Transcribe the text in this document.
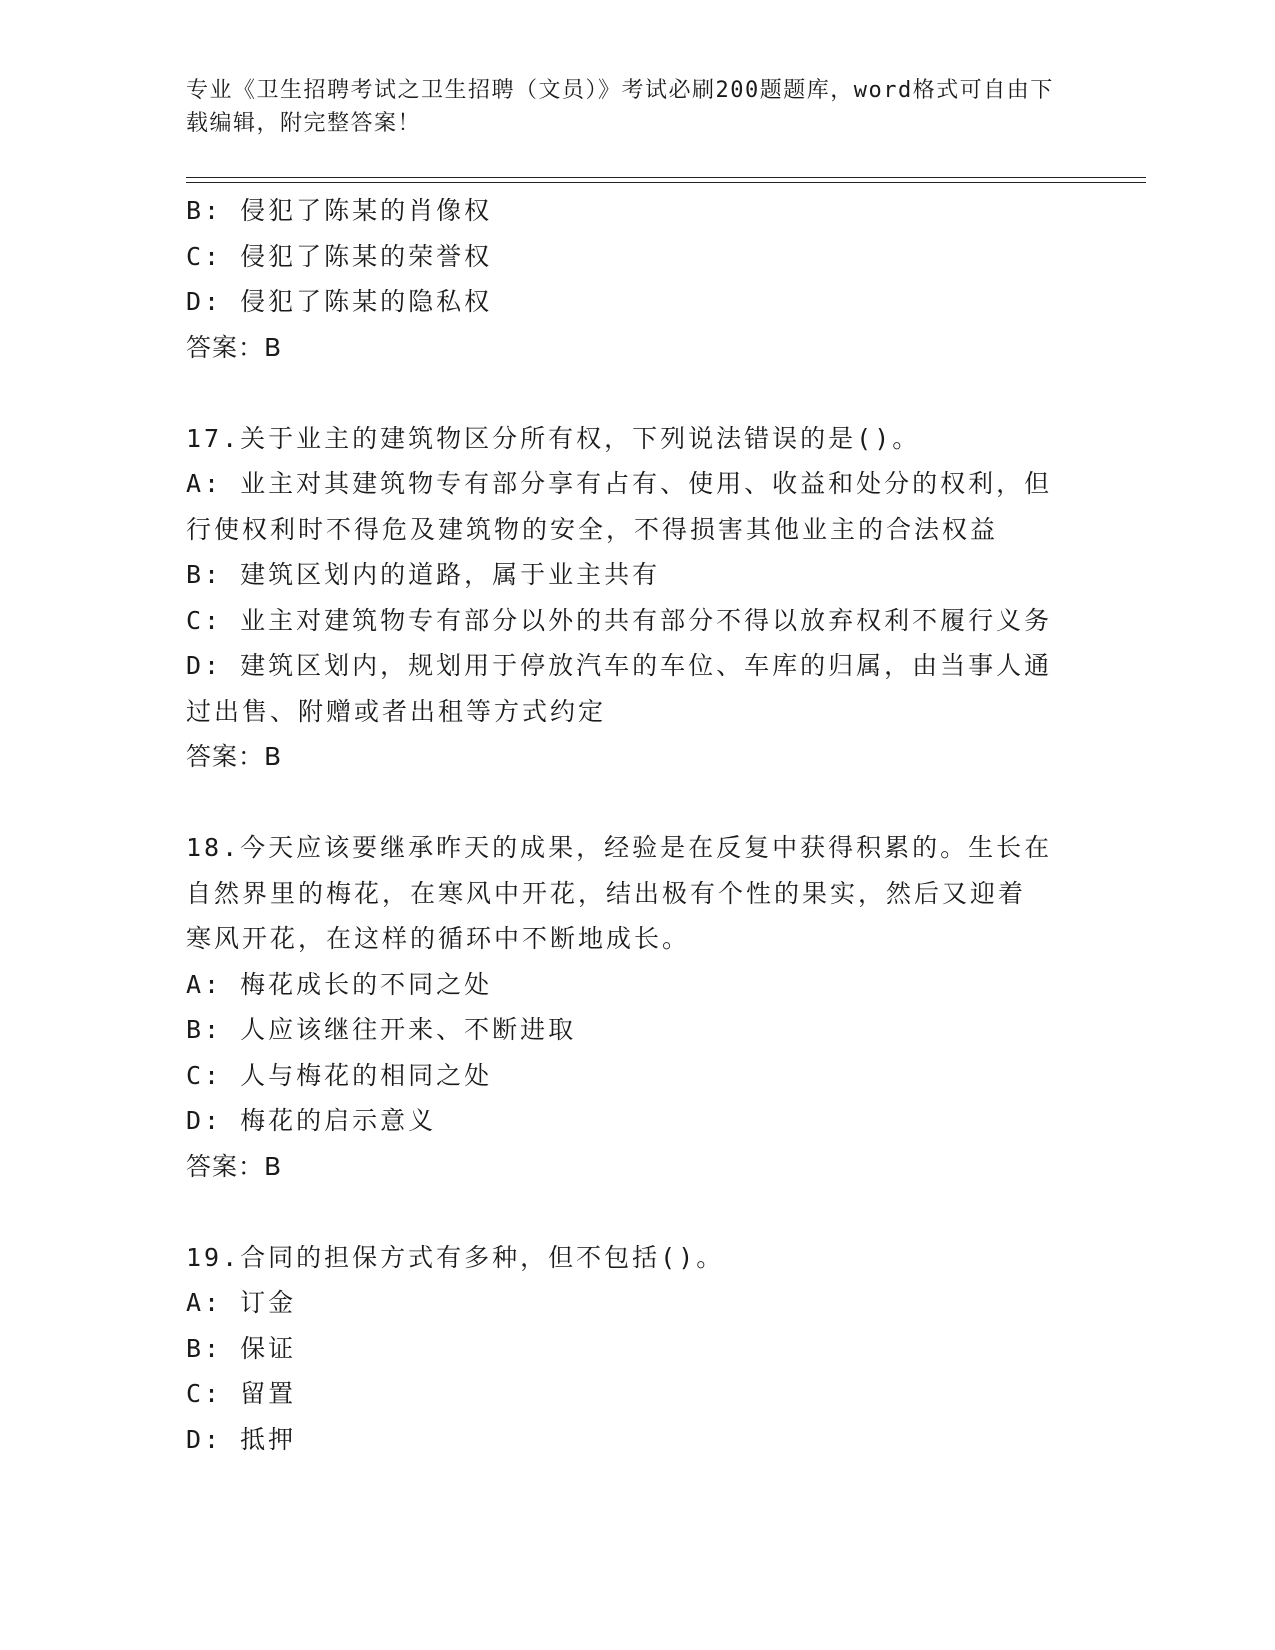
专业《卫生招聘考试之卫生招聘（文员）》考试必刷200题题库，word格式可自由下载编辑，附完整答案！
B: 侵犯了陈某的肖像权
C: 侵犯了陈某的荣誉权
D: 侵犯了陈某的隐私权
答案：B
17.关于业主的建筑物区分所有权，下列说法错误的是()。
A: 业主对其建筑物专有部分享有占有、使用、收益和处分的权利，但
行使权利时不得危及建筑物的安全，不得损害其他业主的合法权益
B: 建筑区划内的道路，属于业主共有
C: 业主对建筑物专有部分以外的共有部分不得以放弃权利不履行义务
D: 建筑区划内，规划用于停放汽车的车位、车库的归属，由当事人通
过出售、附赠或者出租等方式约定
答案：B
18.今天应该要继承昨天的成果，经验是在反复中获得积累的。生长在
自然界里的梅花，在寒风中开花，结出极有个性的果实，然后又迎着
寒风开花，在这样的循环中不断地成长。
A: 梅花成长的不同之处
B: 人应该继往开来、不断进取
C: 人与梅花的相同之处
D: 梅花的启示意义
答案：B
19.合同的担保方式有多种，但不包括()。
A: 订金
B: 保证
C: 留置
D: 抵押
